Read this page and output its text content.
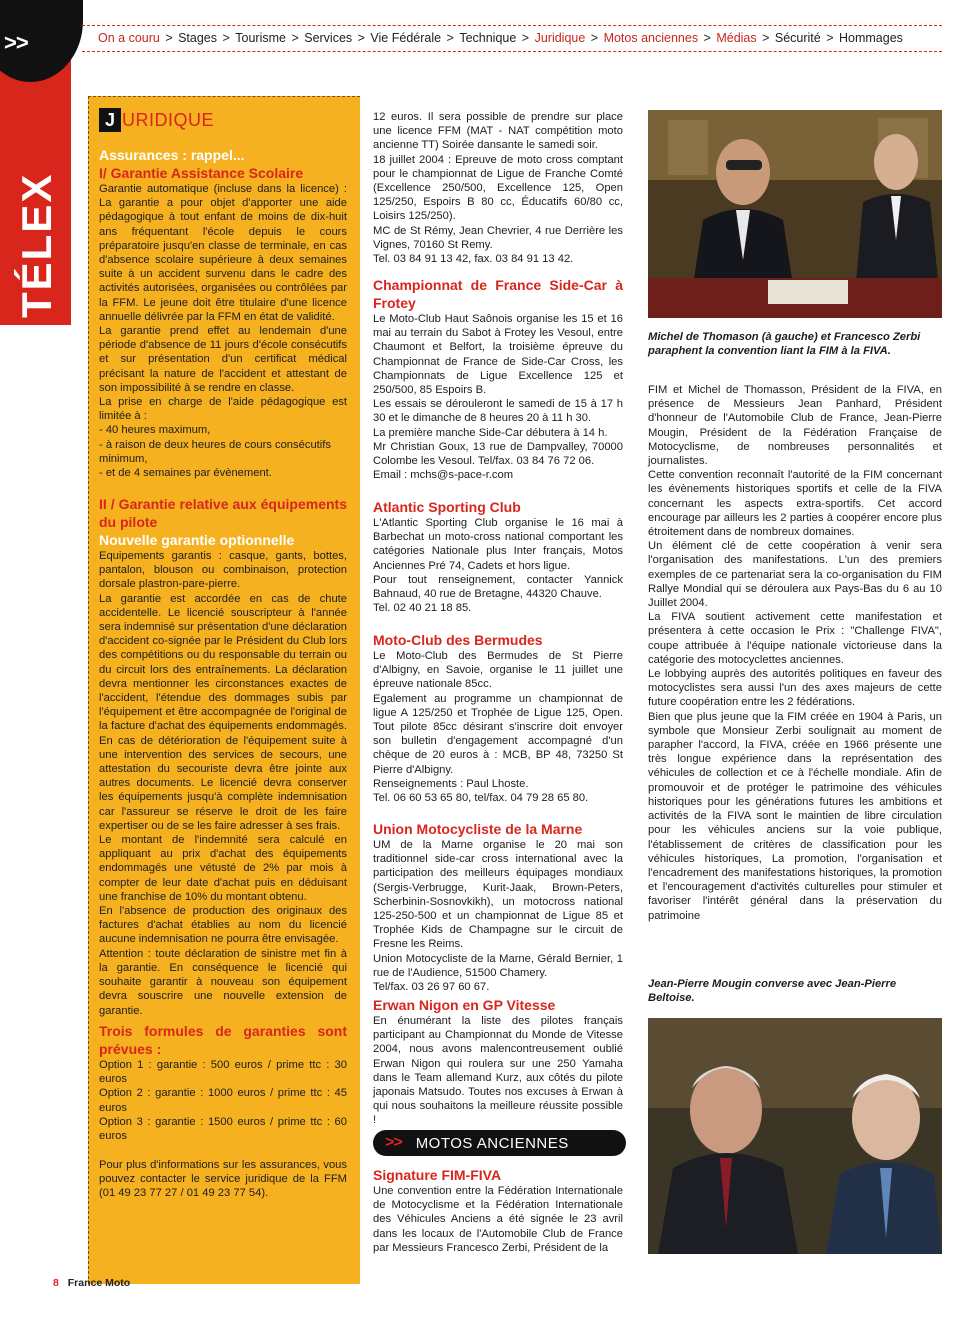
TÉLEX
>>	On a couru > Stages > Tourisme > Services > Vie Fédérale > Technique > Juridique > Motos anciennes > Médias > Sécurité > Hommages
J URIDIQUE

Assurances : rappel...

I/ Garantie Assistance Scolaire

Garantie automatique (incluse dans la licence) : La garantie a pour objet d'apporter une aide pédagogique à tout enfant de moins de dix-huit ans fréquentant l'école depuis le cours préparatoire jusqu'en classe de terminale, en cas d'absence scolaire supérieure à deux semaines suite à un accident survenu dans le cadre des activités autorisées, organisées ou contrôlées par la FFM. Le jeune doit être titulaire d'une licence annuelle délivrée par la FFM en état de validité.

La garantie prend effet au lendemain d'une période d'absence de 11 jours d'école consécutifs et sur présentation d'un certificat médical précisant la nature de l'accident et attestant de son impossibilité à se rendre en classe.

La prise en charge de l'aide pédagogique est limitée à :

- 40 heures maximum,

- à raison de deux heures de cours consécutifs minimum,

- et de 4 semaines par évènement.

II / Garantie relative aux équipements du pilote

Nouvelle garantie optionnelle

Equipements garantis : casque, gants, bottes, pantalon, blouson ou combinaison, protection dorsale plastron-pare-pierre.

La garantie est accordée en cas de chute accidentelle. Le licencié souscripteur à l'année sera indemnisé sur présentation d'une déclaration d'accident co-signée par le Président du Club lors des compétitions ou du responsable du terrain ou du circuit lors des entraînements. La déclaration devra mentionner les circonstances exactes de l'accident, l'étendue des dommages subis par l'équipement et être accompagnée de l'original de la facture d'achat des équipements endommagés. En cas de détérioration de l'équipement suite à une intervention des services de secours, une attestation du secouriste devra être jointe aux autres documents. Le licencié devra conserver les équipements jusqu'à complète indemnisation car l'assureur se réserve le droit de les faire expertiser ou de se les faire adresser à ses frais.

Le montant de l'indemnité sera calculé en appliquant au prix d'achat des équipements endommagés une vétusté de 2% par mois à compter de leur date d'achat puis en déduisant une franchise de 10% du montant obtenu.

En l'absence de production des originaux des factures d'achat établies au nom du licencié aucune indemnisation ne pourra être envisagée.

Attention : toute déclaration de sinistre met fin à la garantie. En conséquence le licencié qui souhaite garantir à nouveau son équipement devra souscrire une nouvelle extension de garantie.

Trois formules de garanties sont prévues :

Option 1 : garantie : 500 euros / prime ttc : 30 euros

Option 2 : garantie : 1000 euros / prime ttc : 45 euros

Option 3 : garantie : 1500 euros / prime ttc : 60 euros

Pour plus d'informations sur les assurances, vous pouvez contacter le service juridique de la FFM (01 49 23 77 27 / 01 49 23 77 54).

12 euros. Il sera possible de prendre sur place une licence FFM (MAT - NAT compétition moto ancienne TT) Soirée dansante le samedi soir.

18 juillet 2004 : Epreuve de moto cross comptant pour le championnat de Ligue de Franche Comté (Excellence 250/500, Excellence 125, Open 125/250, Espoirs B 80 cc, Éducatifs 60/80 cc, Loisirs 125/250).

MC de St Rémy, Jean Chevrier, 4 rue Derrière les Vignes, 70160 St Remy.

Tel. 03 84 91 13 42, fax. 03 84 91 13 42.

Championnat de France Side-Car à Frotey

Le Moto-Club Haut Saônois organise les 15 et 16 mai au terrain du Sabot à Frotey les Vesoul, entre Chaumont et Belfort, la troisième épreuve du Championnat de France de Side-Car Cross, les Championnats de Ligue Excellence 125 et 250/500, 85 Espoirs B.

Les essais se dérouleront le samedi de 15 à 17 h 30 et le dimanche de 8 heures 20 à 11 h 30.

La première manche Side-Car débutera à 14 h.

Mr Christian Goux, 13 rue de Dampvalley, 70000 Colombe les Vesoul. Tel/fax. 03 84 76 72 06.

Email : mchs@s-pace-r.com

Atlantic Sporting Club

L'Atlantic Sporting Club organise le 16 mai à Barbechat un moto-cross national comportant les catégories Nationale plus Inter français, Motos Anciennes Pré 74, Cadets et hors ligue.

Pour tout renseignement, contacter Yannick Bahnaud, 40 rue de Bretagne, 44320 Chauve.

Tel. 02 40 21 18 85.

Moto-Club des Bermudes

Le Moto-Club des Bermudes de St Pierre d'Albigny, en Savoie, organise le 11 juillet une épreuve nationale 85cc.

Egalement au programme un championnat de ligue A 125/250 et Trophée de Ligue 125, Open. Tout pilote 85cc désirant s'inscrire doit envoyer son bulletin d'engagement accompagné d'un chèque de 20 euros à : MCB, BP 48, 73250 St Pierre d'Albigny.

Renseignements : Paul Lhoste.

Tel. 06 60 53 65 80, tel/fax. 04 79 28 65 80.

Union Motocycliste de la Marne

UM de la Marne organise le 20 mai son traditionnel side-car cross international avec la participation des meilleurs équipages mondiaux (Sergis-Verbrugge, Kurit-Jaak, Brown-Peters, Scherbinin-Sosnovkikh), un motocross national 125-250-500 et un championnat de Ligue 85 et Trophée Kids de Champagne sur le circuit de Fresne les Reims.

Union Motocycliste de la Marne, Gérald Bernier, 1 rue de l'Audience, 51500 Chamery.

Tel/fax. 03 26 97 60 67.

Erwan Nigon en GP Vitesse

En énumérant la liste des pilotes français participant au Championnat du Monde de Vitesse 2004, nous avons malencontreusement oublié Erwan Nigon qui roulera sur une 250 Yamaha dans le Team allemand Kurz, aux côtés du pilote japonais Matsudo. Toutes nos excuses à Erwan à qui nous souhaitons la meilleure réussite possible !

>> MOTOS ANCIENNES

Signature FIM-FIVA

Une convention entre la Fédération Internationale de Motocyclisme et la Fédération Internationale des Véhicules Anciens a été signée le 23 avril dans les locaux de l'Automobile Club de France par Messieurs Francesco Zerbi, Président de la

Michel de Thomason (à gauche) et Francesco Zerbi paraphent la convention liant la FIM à la FIVA.

FIM et Michel de Thomasson, Président de la FIVA, en présence de Messieurs Jean Panhard, Président d'honneur de l'Automobile Club de France, Jean-Pierre Mougin, Président de la Fédération Française de Motocyclisme, de nombreuses personnalités et journalistes.

Cette convention reconnaît l'autorité de la FIM concernant les évènements historiques sportifs et celle de la FIVA concernant les aspects extra-sportifs. Cet accord encourage par ailleurs les 2 parties à coopérer encore plus étroitement dans de nombreux domaines.

Un élément clé de cette coopération à venir sera l'organisation des manifestations. L'un des premiers exemples de ce partenariat sera la co-organisation du FIM Rallye Mondial qui se déroulera aux Pays-Bas du 6 au 10 Juillet 2004.

La FIVA soutient activement cette manifestation et présentera à cette occasion le Prix : "Challenge FIVA", coupe attribuée à l'équipe nationale victorieuse dans la catégorie des motocyclettes anciennes.

Le lobbying auprès des autorités politiques en faveur des motocyclistes sera aussi l'un des axes majeurs de cette future coopération entre les 2 fédérations.

Bien que plus jeune que la FIM créée en 1904 à Paris, un symbole que Monsieur Zerbi soulignait au moment de parapher l'accord, la FIVA, créée en 1966 présente une très longue expérience dans la représentation des véhicules de collection et ce à l'échelle mondiale. Afin de promouvoir et de protéger le patrimoine des véhicules historiques pour les générations futures les ambitions et activités de la FIVA sont le maintien de libre circulation pour les véhicules anciens sur la voie publique, l'établissement de critères de classification pour les véhicules historiques, La promotion, l'organisation et l'encadrement des manifestations historiques, la promotion et l'encouragement d'activités culturelles pour stimuler et favoriser l'intérêt général dans la préservation du patrimoine

Jean-Pierre Mougin converse avec Jean-Pierre Beltoise.

8 France Moto
